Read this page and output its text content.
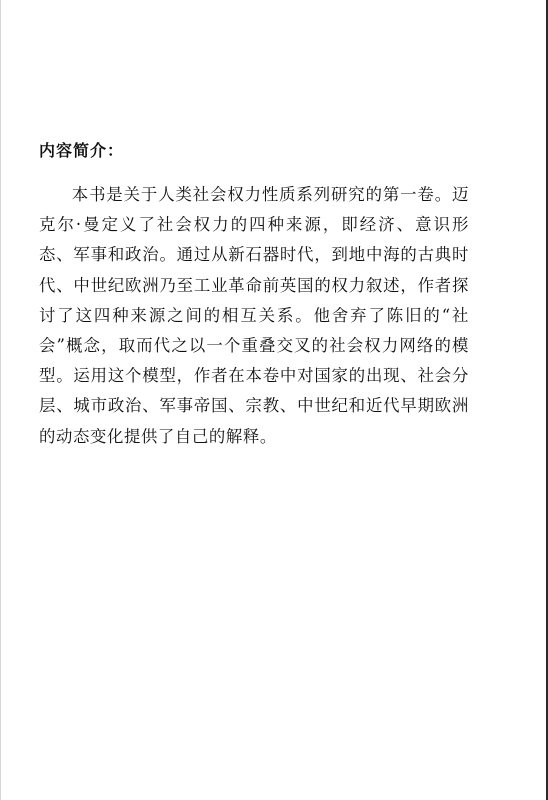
内容简介：

本书是关于人类社会权力性质系列研究的第一卷。迈克尔·曼定义了社会权力的四种来源，即经济、意识形态、军事和政治。通过从新石器时代，到地中海的古典时代、中世纪欧洲乃至工业革命前英国的权力叙述，作者探讨了这四种来源之间的相互关系。他舍弃了陈旧的“社会”概念，取而代之以一个重叠交叉的社会权力网络的模型。运用这个模型，作者在本卷中对国家的出现、社会分层、城市政治、军事帝国、宗教、中世纪和近代早期欧洲的动态变化提供了自己的解释。
